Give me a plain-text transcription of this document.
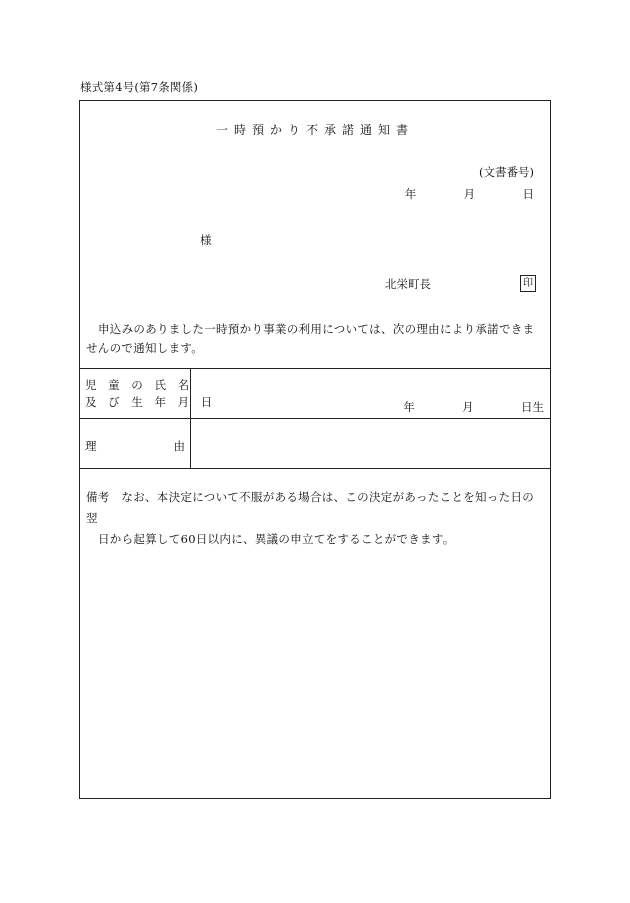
様式第4号(第7条関係)
一時預かり不承諾通知書
(文書番号)
年  月  日
様
北栄町長	印
申込みのありました一時預かり事業の利用については、次の理由により承諾できませんので通知します。
児 童 の 氏 名
及 び 生 年 月 日	年  月  日生
理	由
備考　なお、本決定について不服がある場合は、この決定があったことを知った日の翌
日から起算して60日以内に、異議の申立てをすることができます。
